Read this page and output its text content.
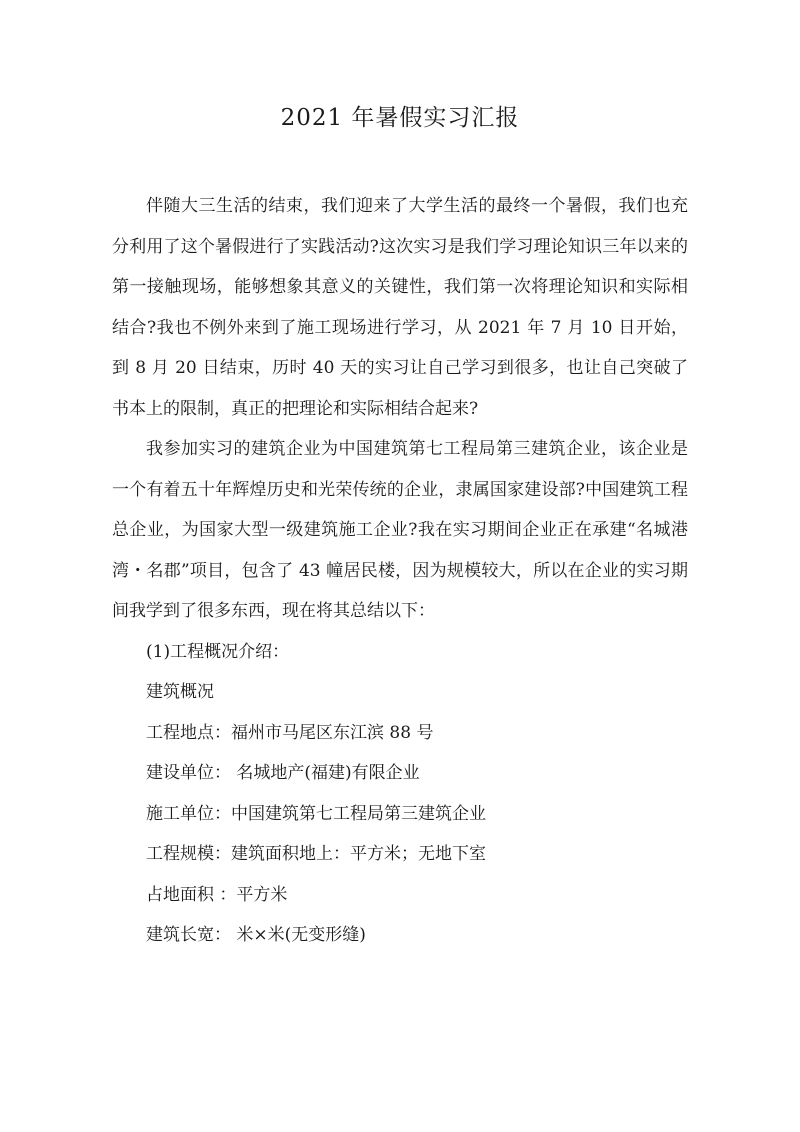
2021 年暑假实习汇报

伴随大三生活的结束，我们迎来了大学生活的最终一个暑假，我们也充分利用了这个暑假进行了实践活动?这次实习是我们学习理论知识三年以来的第一接触现场，能够想象其意义的关键性，我们第一次将理论知识和实际相结合?我也不例外来到了施工现场进行学习，从 2021 年 7 月 10 日开始，到 8 月 20 日结束，历时 40 天的实习让自己学习到很多，也让自己突破了书本上的限制，真正的把理论和实际相结合起来?

我参加实习的建筑企业为中国建筑第七工程局第三建筑企业，该企业是一个有着五十年辉煌历史和光荣传统的企业，隶属国家建设部?中国建筑工程总企业，为国家大型一级建筑施工企业?我在实习期间企业正在承建“名城港湾・名郡”项目，包含了 43 幢居民楼，因为规模较大，所以在企业的实习期间我学到了很多东西，现在将其总结以下：

(1)工程概况介绍：

建筑概况

工程地点：福州市马尾区东江滨 88 号

建设单位： 名城地产(福建)有限企业

施工单位：中国建筑第七工程局第三建筑企业

工程规模：建筑面积地上：平方米；无地下室

占地面积 ：平方米

建筑长宽： 米×米(无变形缝)
